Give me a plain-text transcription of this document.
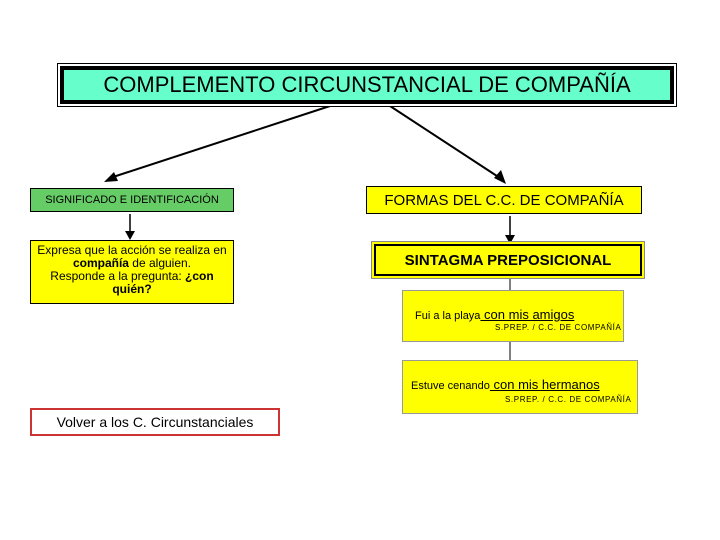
COMPLEMENTO CIRCUNSTANCIAL DE COMPAÑÍA
SIGNIFICADO E IDENTIFICACIÓN
Expresa que la acción se realiza en
compañía de alguien.
Responde a la pregunta: ¿con
quién?
FORMAS DEL C.C. DE COMPAÑÍA
SINTAGMA PREPOSICIONAL
Fui a la playa con mis amigos
S.PREP. / C.C. DE COMPAÑÍA
Estuve cenando con mis hermanos
S.PREP. / C.C. DE COMPAÑÍA
Volver a los C. Circunstanciales
